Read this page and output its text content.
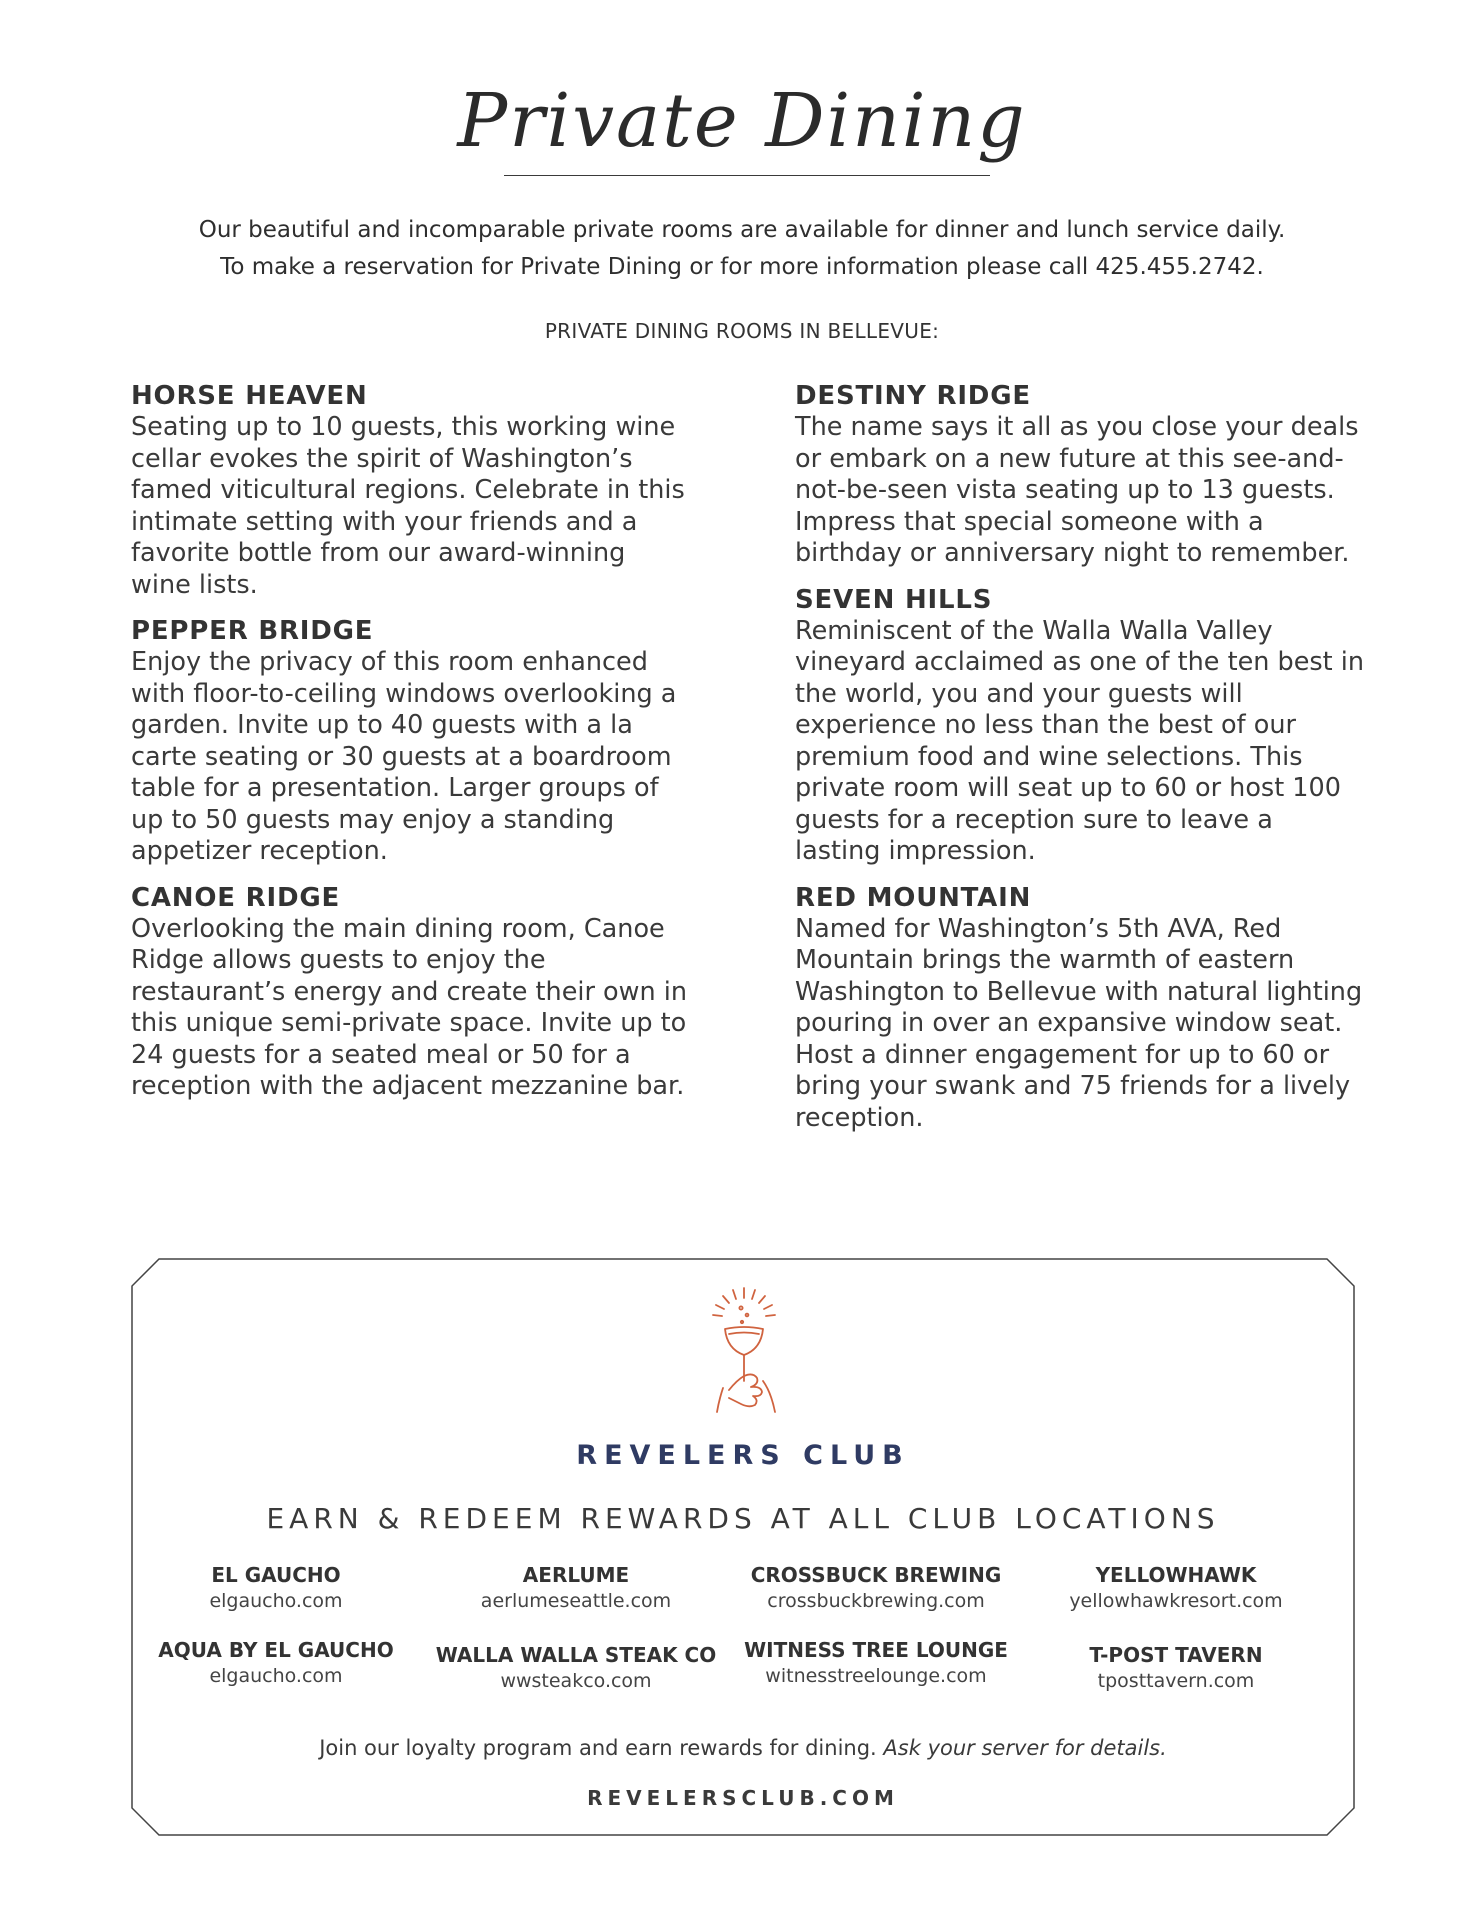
Private Dining
Our beautiful and incomparable private rooms are available for dinner and lunch service daily.
To make a reservation for Private Dining or for more information please call 425.455.2742.
PRIVATE DINING ROOMS IN BELLEVUE:
HORSE HEAVEN
Seating up to 10 guests, this working wine cellar evokes the spirit of Washington’s famed viticultural regions. Celebrate in this intimate setting with your friends and a favorite bottle from our award-winning wine lists.
PEPPER BRIDGE
Enjoy the privacy of this room enhanced with floor-to-ceiling windows overlooking a garden. Invite up to 40 guests with a la carte seating or 30 guests at a boardroom table for a presentation. Larger groups of up to 50 guests may enjoy a standing appetizer reception.
CANOE RIDGE
Overlooking the main dining room, Canoe Ridge allows guests to enjoy the restaurant’s energy and create their own in this unique semi-private space. Invite up to 24 guests for a seated meal or 50 for a reception with the adjacent mezzanine bar.
DESTINY RIDGE
The name says it all as you close your deals or embark on a new future at this see-and-not-be-seen vista seating up to 13 guests. Impress that special someone with a birthday or anniversary night to remember.
SEVEN HILLS
Reminiscent of the Walla Walla Valley vineyard acclaimed as one of the ten best in the world, you and your guests will experience no less than the best of our premium food and wine selections. This private room will seat up to 60 or host 100 guests for a reception sure to leave a lasting impression.
RED MOUNTAIN
Named for Washington’s 5th AVA, Red Mountain brings the warmth of eastern Washington to Bellevue with natural lighting pouring in over an expansive window seat. Host a dinner engagement for up to 60 or bring your swank and 75 friends for a lively reception.
REVELERS CLUB
EARN & REDEEM REWARDS AT ALL CLUB LOCATIONS
EL GAUCHO
elgaucho.com
AERLUME
aerlumeseattle.com
CROSSBUCK BREWING
crossbuckbrewing.com
YELLOWHAWK
yellowhawkresort.com
AQUA BY EL GAUCHO
elgaucho.com
WALLA WALLA STEAK CO
wwsteakco.com
WITNESS TREE LOUNGE
witnesstreelounge.com
T-POST TAVERN
tposttavern.com
Join our loyalty program and earn rewards for dining. Ask your server for details.
REVELERSCLUB.COM
